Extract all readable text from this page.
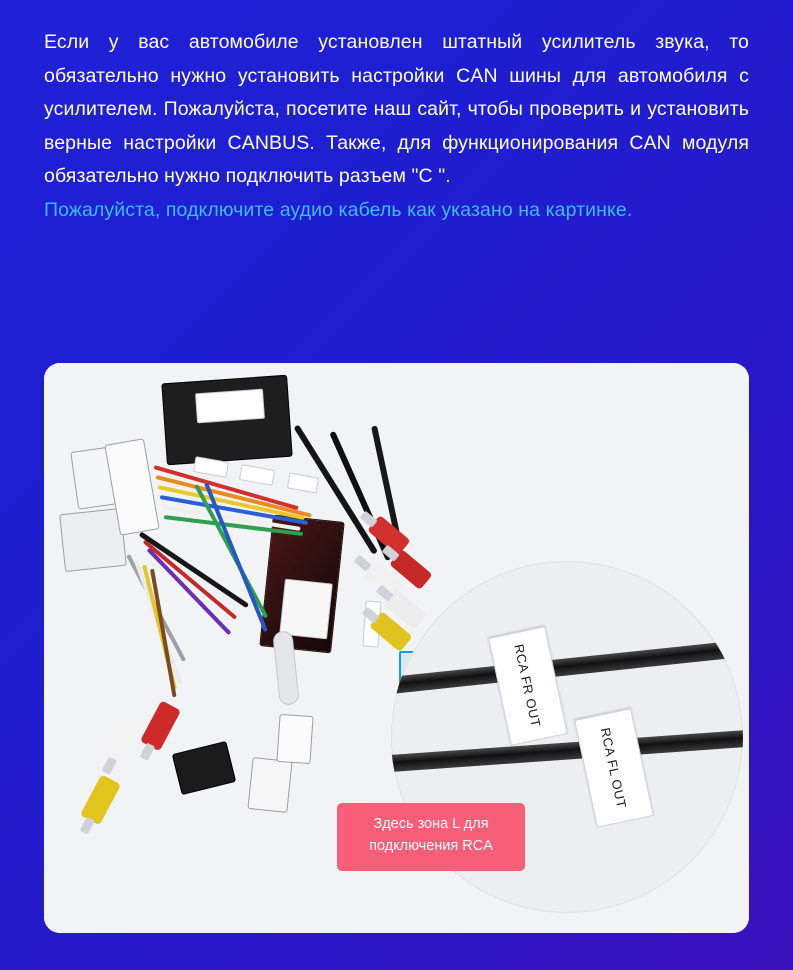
Если у вас автомобиле установлен штатный усилитель звука, то обязательно нужно установить настройки CAN шины для автомобиля с усилителем. Пожалуйста, посетите наш сайт, чтобы проверить и установить верные настройки CANBUS. Также, для функционирования CAN модуля обязательно нужно подключить разъем "C ".

Пожалуйста, подключите аудио кабель как указано на картинке.

RCA FR OUT
RCA FL OUT
Здесь зона L для подключения RCA
